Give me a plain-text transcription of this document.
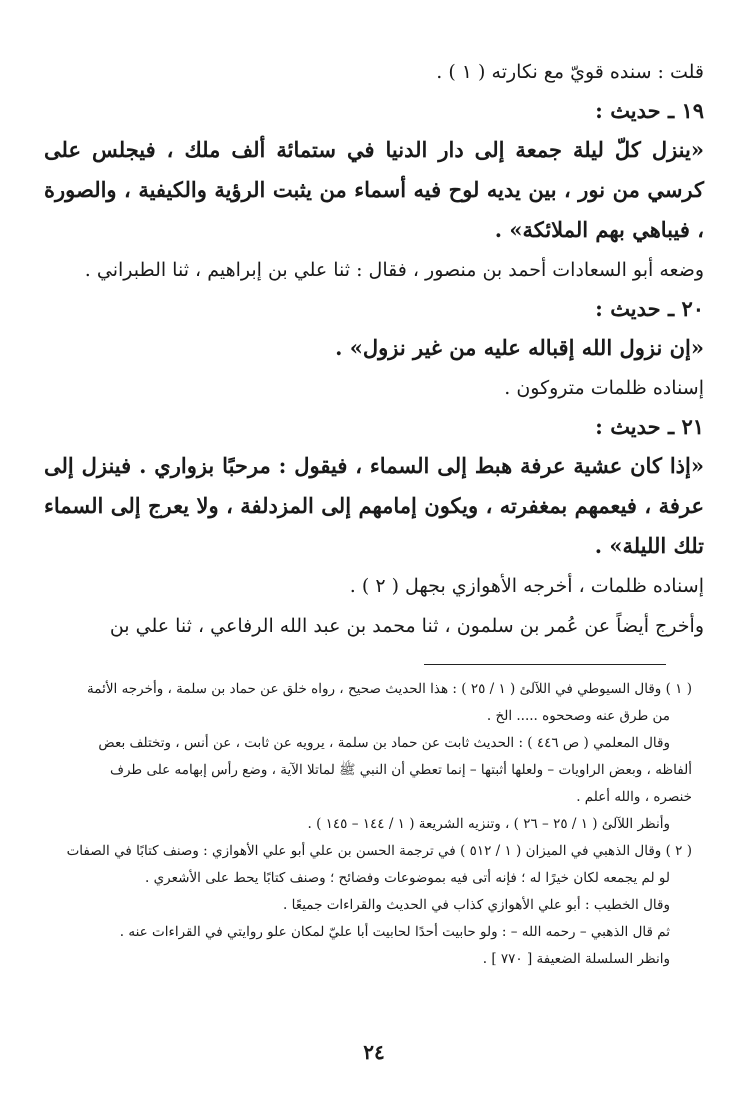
قلت : سنده قويّ مع نكارته ( ١ ) .

١٩ ـ حديث :

«ينزل كلّ ليلة جمعة إلى دار الدنيا في ستمائة ألف ملك ، فيجلس على كرسي من نور ، بين يديه لوح فيه أسماء من يثبت الرؤية والكيفية ، والصورة ، فيباهي بهم الملائكة» .

وضعه أبو السعادات أحمد بن منصور ، فقال : ثنا علي بن إبراهيم ، ثنا الطبراني .

٢٠ ـ حديث :

«إن نزول الله إقباله عليه من غير نزول» .

إسناده ظلمات متروكون .

٢١ ـ حديث :

«إذا كان عشية عرفة هبط إلى السماء ، فيقول : مرحبًا بزواري . فينزل إلى عرفة ، فيعمهم بمغفرته ، ويكون إمامهم إلى المزدلفة ، ولا يعرج إلى السماء تلك الليلة» .

إسناده ظلمات ، أخرجه الأهوازي بجهل ( ٢ ) .

وأخرج أيضاً عن عُمر بن سلمون ، ثنا محمد بن عبد الله الرفاعي ، ثنا علي بن

( ١ ) وقال السيوطي في اللآلئ ( ١ / ٢٥ ) : هذا الحديث صحيح ، رواه خلق عن حماد بن سلمة ، وأخرجه الأئمة

من طرق عنه وصححوه ..... الخ .

وقال المعلمي ( ص ٤٤٦ ) : الحديث ثابت عن حماد بن سلمة ، يرويه عن ثابت ، عن أنس ، وتختلف بعض

ألفاظه ، وبعض الراويات – ولعلها أثبتها – إنما تعطي أن النبي ﷺ لماتلا الآية ، وضع رأس إبهامه على طرف

خنصره ، والله أعلم .

وأنظر اللآلئ ( ١ / ٢٥ – ٢٦ ) ، وتنزيه الشريعة ( ١ / ١٤٤ – ١٤٥ ) .

( ٢ ) وقال الذهبي في الميزان ( ١ / ٥١٢ ) في ترجمة الحسن بن علي أبو علي الأهوازي : وصنف كتابًا في الصفات

لو لم يجمعه لكان خيرًا له ؛ فإنه أتى فيه بموضوعات وفضائح ؛ وصنف كتابًا يحط على الأشعري .

وقال الخطيب : أبو علي الأهوازي كذاب في الحديث والقراءات جميعًا .

ثم قال الذهبي – رحمه الله – : ولو حابيت أحدًا لحابيت أبا عليّ لمكان علو روايتي في القراءات عنه .

وانظر السلسلة الضعيفة [ ٧٧٠ ] .

٢٤
